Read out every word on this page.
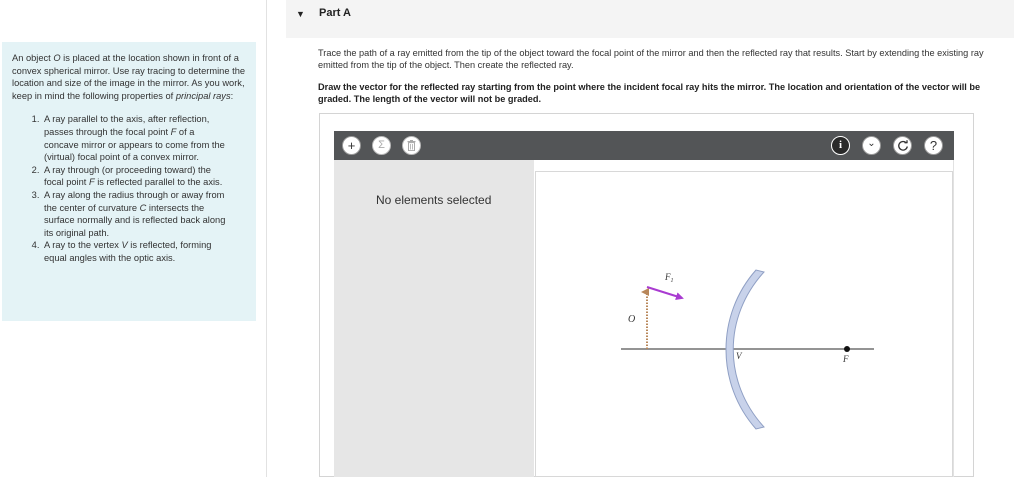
An object O is placed at the location shown in front of a convex spherical mirror. Use ray tracing to determine the location and size of the image in the mirror. As you work, keep in mind the following properties of principal rays:

1. A ray parallel to the axis, after reflection, passes through the focal point F of a concave mirror or appears to come from the (virtual) focal point of a convex mirror.
2. A ray through (or proceeding toward) the focal point F is reflected parallel to the axis.
3. A ray along the radius through or away from the center of curvature C intersects the surface normally and is reflected back along its original path.
4. A ray to the vertex V is reflected, forming equal angles with the optic axis.
▼ Part A
Trace the path of a ray emitted from the tip of the object toward the focal point of the mirror and then the reflected ray that results. Start by extending the existing ray emitted from the tip of the object. Then create the reflected ray.
Draw the vector for the reflected ray starting from the point where the incident focal ray hits the mirror. The location and orientation of the vector will be graded. The length of the vector will not be graded.
+ Σ	i	⌄	?
No elements selected
O
$F_1$
V	F
